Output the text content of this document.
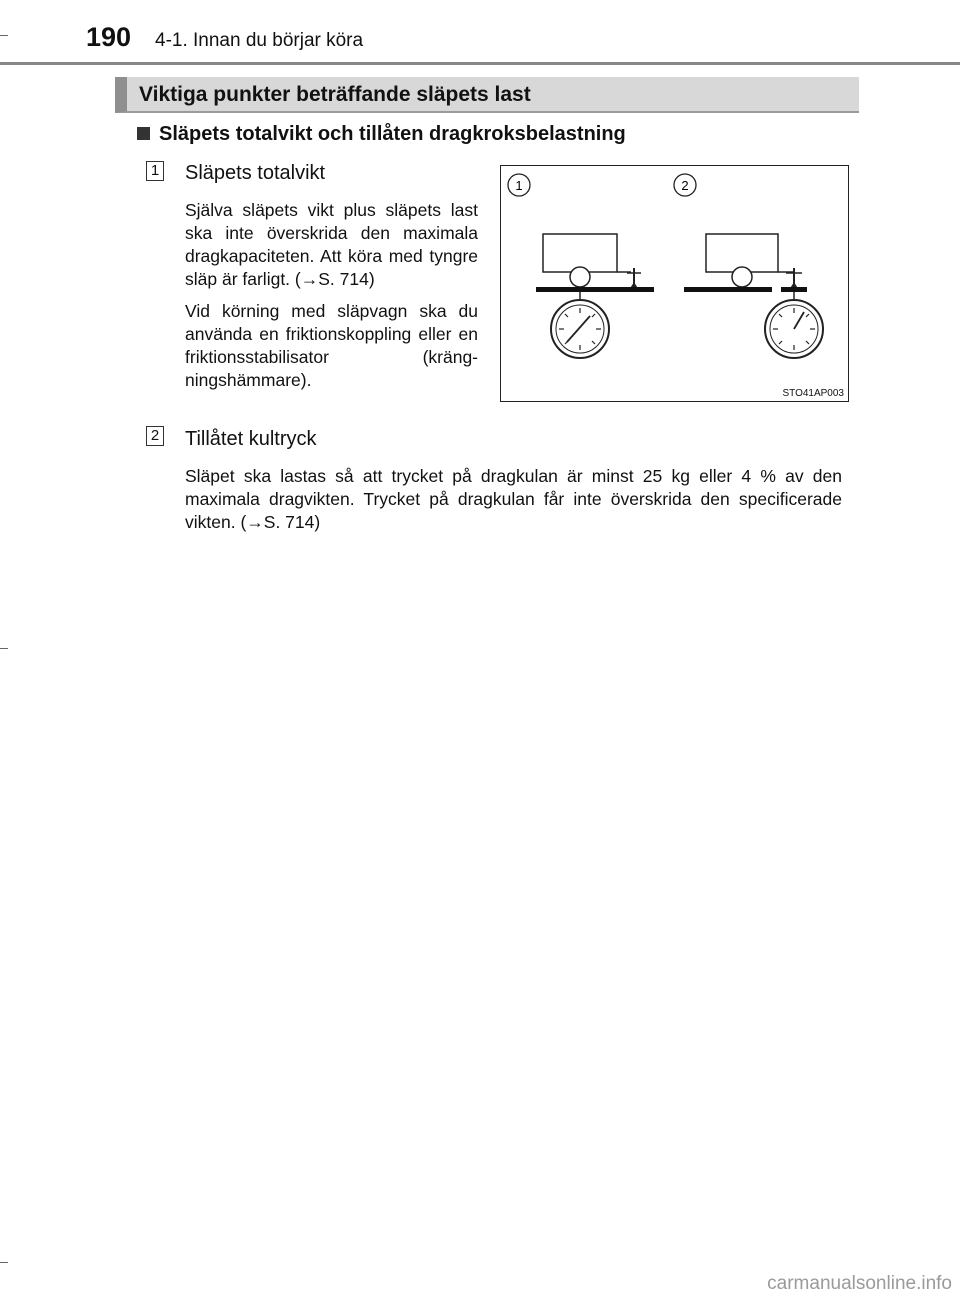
190 4-1. Innan du börjar köra
Viktiga punkter beträffande släpets last
Släpets totalvikt och tillåten dragkroksbelastning
1 Släpets totalvikt

Själva släpets vikt plus släpets last ska inte överskrida den maximala dragkapaciteten. Att köra med tyngre släp är farligt. (→S. 714)

Vid körning med släpvagn ska du använda en friktionskoppling eller en friktionsstabilisator (kräng- ningshämmare).

1	2
STO41AP003
2 Tillåtet kultryck

Släpet ska lastas så att trycket på dragkulan är minst 25 kg eller 4 % av den maximala dragvikten. Trycket på dragkulan får inte överskrida den specificerade vikten. (→S. 714)

carmanualsonline.info
